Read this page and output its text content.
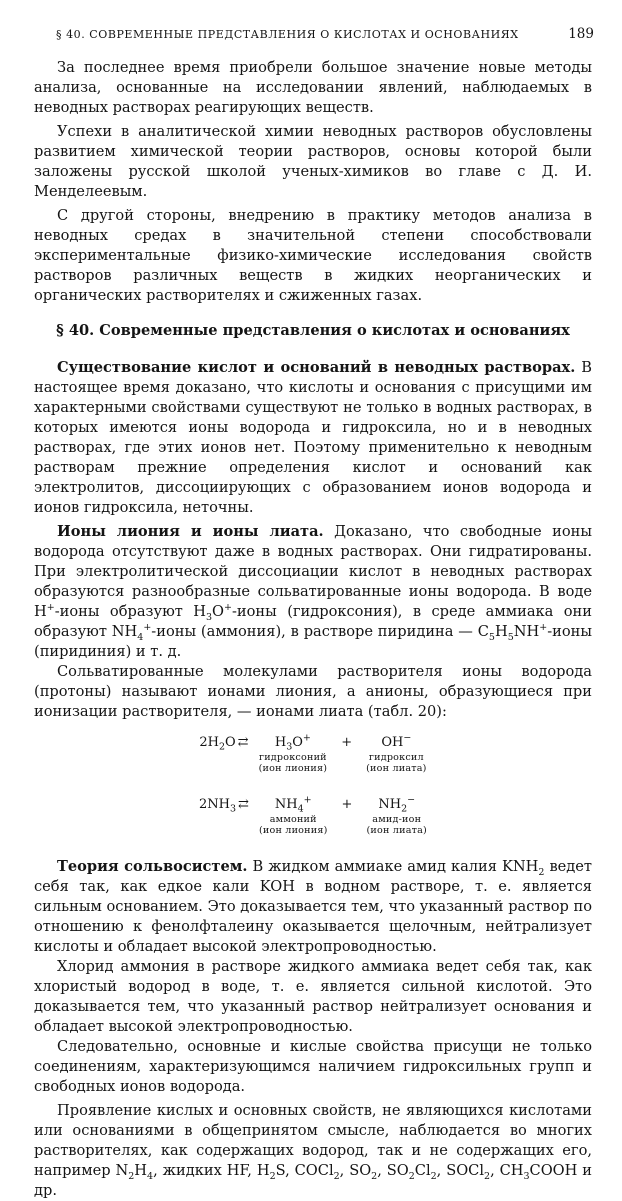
§ 40. СОВРЕМЕННЫЕ ПРЕДСТАВЛЕНИЯ О КИСЛОТАХ И ОСНОВАНИЯХ	189

За последнее время приобрели большое значение новые методы анализа, основанные на исследовании явлений, наблюдаемых в неводных растворах реагирующих веществ.

Успехи в аналитической химии неводных растворов обусловлены развитием химической теории растворов, основы которой были заложены русской школой ученых-химиков во главе с Д. И. Менделеевым.

С другой стороны, внедрению в практику методов анализа в неводных средах в значительной степени способствовали экспериментальные физико-химические исследования свойств растворов различных веществ в жидких неорганических и органических растворителях и сжиженных газах.

§ 40. Современные представления о кислотах и основаниях

Существование кислот и оснований в неводных растворах. В настоящее время доказано, что кислоты и основания с присущими им характерными свойствами существуют не только в водных растворах, в которых имеются ионы водорода и гидроксила, но и в неводных растворах, где этих ионов нет. Поэтому применительно к неводным растворам прежние определения кислот и оснований как электролитов, диссоциирующих с образованием ионов водорода и ионов гидроксила, неточны.

Ионы лиония и ионы лиата. Доказано, что свободные ионы водорода отсутствуют даже в водных растворах. Они гидратированы. При электролитической диссоциации кислот в неводных растворах образуются разнообразные сольватированные ионы водорода. В воде H+-ионы образуют $H_3O^+$-ионы (гидроксония), в среде аммиака они образуют $NH_4^+$-ионы (аммония), в растворе пиридина — $C_5H_5NH^+$-ионы (пиридиния) и т. д.

Сольватированные молекулами растворителя ионы водорода (протоны) называют ионами лиония, а анионы, образующиеся при ионизации растворителя, — ионами лиата (табл. 20):

$2H_2O$ ⇄	$H_3O^+$
гидроксоний
(ион лиония)
+	OH−
гидроксил
(ион лиата)
$2NH_3$ ⇄	$NH_4^+$
аммоний
(ион лиония)
+	$NH_2^-$
амид-ион
(ион лиата)

Теория сольвосистем. В жидком аммиаке амид калия $KNH_2$ ведет себя так, как едкое кали KOH в водном растворе, т. е. является сильным основанием. Это доказывается тем, что указанный раствор по отношению к фенолфталеину оказывается щелочным, нейтрализует кислоты и обладает высокой электропроводностью.

Хлорид аммония в растворе жидкого аммиака ведет себя так, как хлористый водород в воде, т. е. является сильной кислотой. Это доказывается тем, что указанный раствор нейтрализует основания и обладает высокой электропроводностью.

Следовательно, основные и кислые свойства присущи не только соединениям, характеризующимся наличием гидроксильных групп и свободных ионов водорода.

Проявление кислых и основных свойств, не являющихся кислотами или основаниями в общепринятом смысле, наблюдается во многих растворителях, как содержащих водород, так и не содержащих его, например $N_2H_4$, жидких HF, $H_2S$, COCl$_2$, $SO_2$, $SO_2Cl_2$, SOCl$_2$, $CH_3COOH$ и др.
